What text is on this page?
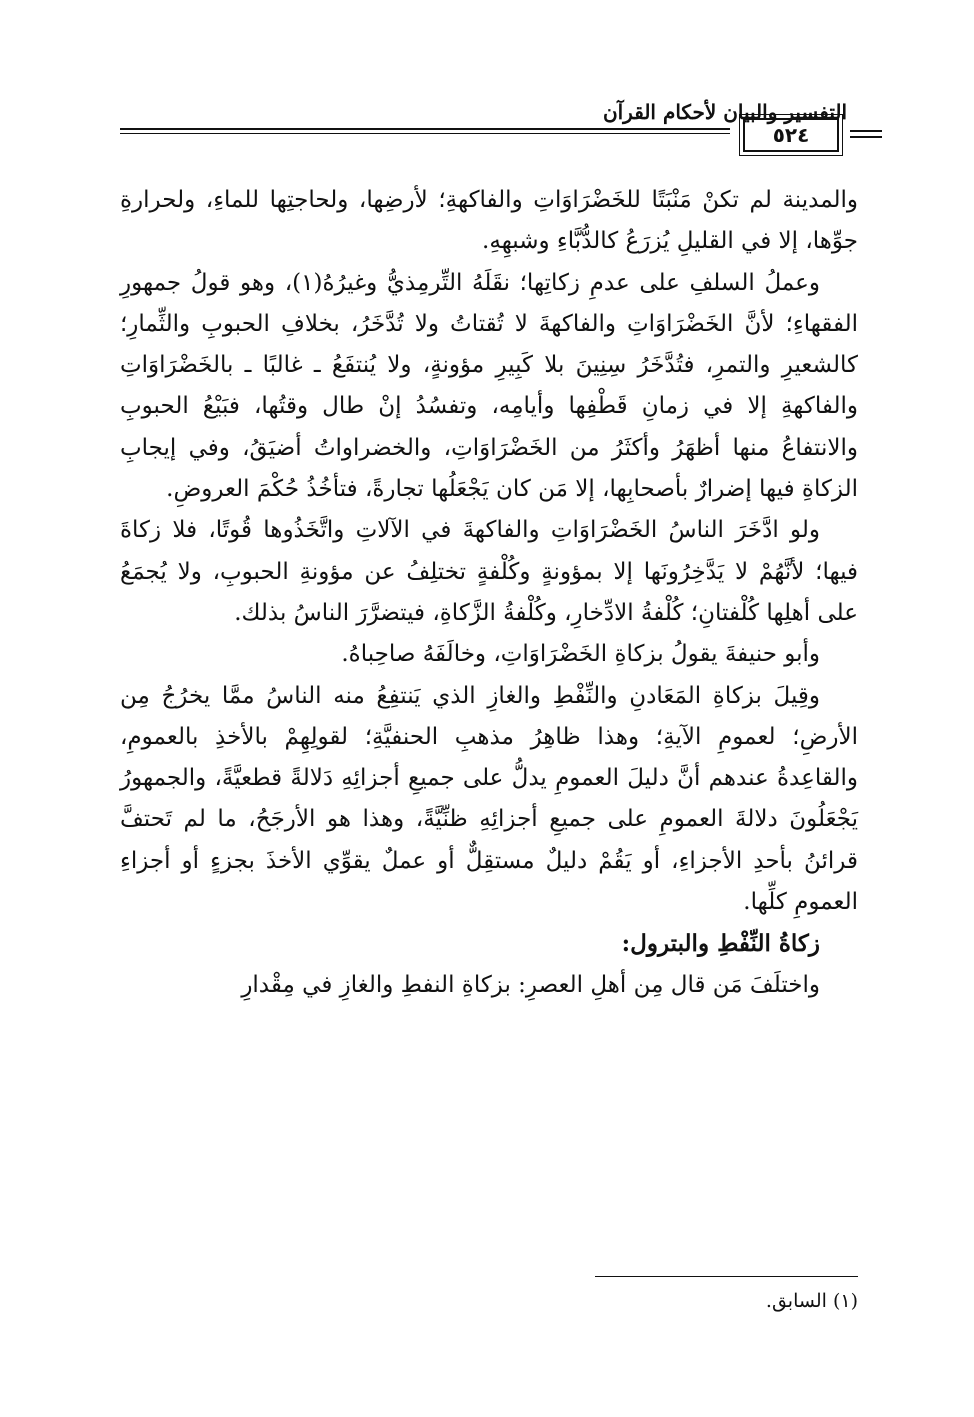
التفسير والبيان لأحكام القرآن
٥٢٤

والمدينة لم تكنْ مَنْبَتًا للخَضْرَاوَاتِ والفاكهةِ؛ لأرضِها، ولحاجتِها للماءِ، ولحرارةِ جوِّها، إلا في القليلِ يُزرَعُ كالدُّبَّاءِ وشبهِهِ.

وعملُ السلفِ على عدمِ زكاتِها؛ نقَلَهُ التِّرمِذيُّ وغيرُهُ(١)، وهو قولُ جمهورِ الفقهاءِ؛ لأنَّ الخَضْرَاوَاتِ والفاكهةَ لا تُقتاتُ ولا تُدَّخَرُ، بخلافِ الحبوبِ والثِّمارِ؛ كالشعيرِ والتمرِ، فتُدَّخَرُ سِنِينَ بلا كَبِيرِ مؤونةٍ، ولا يُنتفَعُ ـ غالبًا ـ بالخَضْرَاوَاتِ والفاكهةِ إلا في زمانِ قَطْفِها وأيامِه، وتفسُدُ إنْ طال وقتُها، فبَيْعُ الحبوبِ والانتفاعُ منها أظهَرُ وأكثَرُ من الخَضْرَاوَاتِ، والخضراواتُ أضيَقُ، وفي إيجابِ الزكاةِ فيها إضرارٌ بأصحابِها، إلا مَن كان يَجْعَلُها تجارةً، فتأخُذُ حُكْمَ العروضِ.

ولو ادَّخَرَ الناسُ الخَضْرَاوَاتِ والفاكهةَ في الآلاتِ واتَّخَذُوها قُوتًا، فلا زكاةَ فيها؛ لأنَّهُمْ لا يَدَّخِرُونَها إلا بمؤونةٍ وكُلْفةٍ تختلِفُ عن مؤونةِ الحبوبِ، ولا يُجمَعُ على أهلِها كُلْفتانِ؛ كُلْفةُ الادِّخارِ، وكُلْفةُ الزَّكاةِ، فيتضرَّرَ الناسُ بذلك.

وأبو حنيفةَ يقولُ بزكاةِ الخَضْرَاوَاتِ، وخالَفَهُ صاحِباهُ.

وقِيلَ بزكاةِ المَعَادنِ والنِّفْطِ والغازِ الذي يَنتفِعُ منه الناسُ ممَّا يخرُجُ مِن الأرضِ؛ لعمومِ الآيةِ؛ وهذا ظاهِرُ مذهبِ الحنفيَّةِ؛ لقولِهِمْ بالأخذِ بالعمومِ، والقاعِدةُ عندهم أنَّ دليلَ العمومِ يدلُّ على جميعِ أجزائِهِ دَلالةً قطعيَّةً، والجمهورُ يَجْعَلُونَ دلالةَ العمومِ على جميعِ أجزائِهِ ظنِّيَّةً، وهذا هو الأرجَحُ، ما لم تَحتفَّ قرائنُ بأحدِ الأجزاءِ، أو يَقُمْ دليلٌ مستقِلٌّ أو عملٌ يقوِّي الأخذَ بجزءٍ أو أجزاءِ العمومِ كلِّها.

زكاةُ النِّفْطِ والبترول:

واختلَفَ مَن قال مِن أهلِ العصرِ: بزكاةِ النفطِ والغازِ في مِقْدارِ

(١) السابق.
